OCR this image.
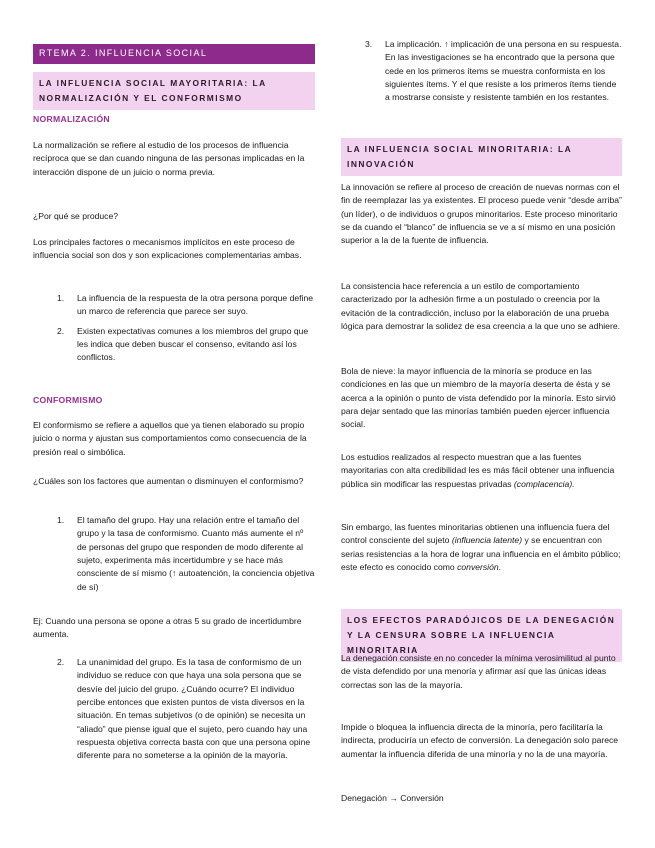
RTEMA 2. INFLUENCIA SOCIAL
LA INFLUENCIA SOCIAL MAYORITARIA: LA NORMALIZACIÓN Y EL CONFORMISMO

NORMALIZACIÓN

La normalización se refiere al estudio de los procesos de influencia recíproca que se dan cuando ninguna de las personas implicadas en la interacción dispone de un juicio o norma previa.

¿Por qué se produce?

Los principales factores o mecanismos implícitos en este proceso de influencia social son dos y son explicaciones complementarias ambas.

1. La influencia de la respuesta de la otra persona porque define un marco de referencia que parece ser suyo.
2. Existen expectativas comunes a los miembros del grupo que les indica que deben buscar el consenso, evitando así los conflictos.

CONFORMISMO

El conformismo se refiere a aquellos que ya tienen elaborado su propio juicio o norma y ajustan sus comportamientos como consecuencia de la presión real o simbólica.

¿Cuáles son los factores que aumentan o disminuyen el conformismo?

1. El tamaño del grupo. Hay una relación entre el tamaño del grupo y la tasa de conformismo. Cuanto más aumente el nº de personas del grupo que responden de modo diferente al sujeto, experimenta más incertidumbre y se hace más consciente de sí mismo (↑ autoatención, la conciencia objetiva de sí)

Ej: Cuando una persona se opone a otras 5 su grado de incertidumbre aumenta.

2. La unanimidad del grupo. Es la tasa de conformismo de un individuo se reduce con que haya una sola persona que se desvíe del juicio del grupo. ¿Cuándo ocurre? El individuo percibe entonces que existen puntos de vista diversos en la situación. En temas subjetivos (o de opinión) se necesita un “aliado” que piense igual que el sujeto, pero cuando hay una respuesta objetiva correcta basta con que una persona opine diferente para no someterse a la opinión de la mayoría.
3. La implicación. ↑ implicación de una persona en su respuesta. En las investigaciones se ha encontrado que la persona que cede en los primeros ítems se muestra conformista en los siguientes ítems. Y el que resiste a los primeros ítems tiende a mostrarse consiste y resistente también en los restantes.
LA INFLUENCIA SOCIAL MINORITARIA: LA INNOVACIÓN

La innovación se refiere al proceso de creación de nuevas normas con el fin de reemplazar las ya existentes. El proceso puede venir “desde arriba” (un líder), o de individuos o grupos minoritarios. Este proceso minoritario se da cuando el “blanco” de influencia se ve a sí mismo en una posición superior a la de la fuente de influencia.

La consistencia hace referencia a un estilo de comportamiento caracterizado por la adhesión firme a un postulado o creencia por la evitación de la contradicción, incluso por la elaboración de una prueba lógica para demostrar la solidez de esa creencia a la que uno se adhiere.

Bola de nieve: la mayor influencia de la minoría se produce en las condiciones en las que un miembro de la mayoría deserta de ésta y se acerca a la opinión o punto de vista defendido por la minoría. Esto sirvió para dejar sentado que las minorías también pueden ejercer influencia social.

Los estudios realizados al respecto muestran que a las fuentes mayoritarias con alta credibilidad les es más fácil obtener una influencia pública sin modificar las respuestas privadas (complacencia).

Sin embargo, las fuentes minoritarias obtienen una influencia fuera del control consciente del sujeto (influencia latente) y se encuentran con serias resistencias a la hora de lograr una influencia en el ámbito público; este efecto es conocido como conversión.

LOS EFECTOS PARADÓJICOS DE LA DENEGACIÓN Y LA CENSURA SOBRE LA INFLUENCIA MINORITARIA

La denegación consiste en no conceder la mínima verosimilitud al punto de vista defendido por una menoría y afirmar así que las únicas ideas correctas son las de la mayoría.

Impide o bloquea la influencia directa de la minoría, pero facilitaría la indirecta, produciría un efecto de conversión. La denegación solo parece aumentar la influencia diferida de una minoría y no la de una mayoría.

Denegación → Conversión
